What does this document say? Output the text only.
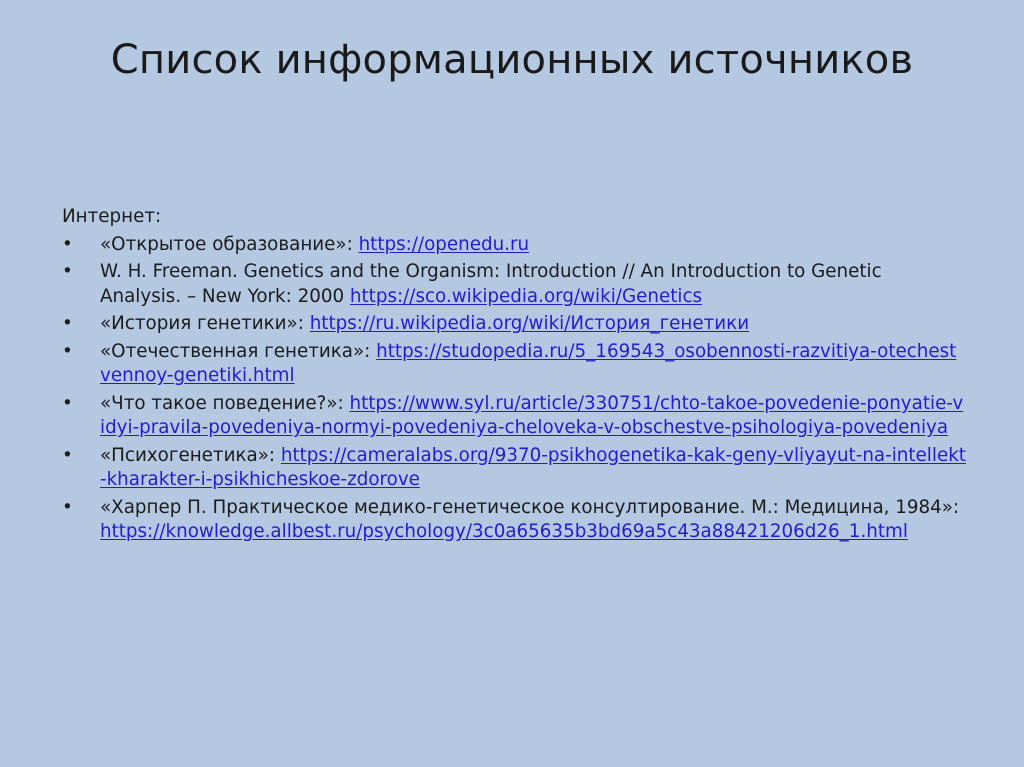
Список информационных источников
Интернет:
•	«Открытое образование»: https://openedu.ru
•	W. H. Freeman. Genetics and the Organism: Introduction // An Introduction to Genetic Analysis. – New York: 2000 https://sco.wikipedia.org/wiki/Genetics
•	«История генетики»: https://ru.wikipedia.org/wiki/История_генетики
•	«Отечественная генетика»: https://studopedia.ru/5_169543_osobennosti-razvitiya-otechestvennoy-genetiki.html
•	«Что такое поведение?»: https://www.syl.ru/article/330751/chto-takoe-povedenie-ponyatie-vidyi-pravila-povedeniya-normyi-povedeniya-cheloveka-v-obschestve-psihologiya-povedeniya
•	«Психогенетика»: https://cameralabs.org/9370-psikhogenetika-kak-geny-vliyayut-na-intellekt-kharakter-i-psikhicheskoe-zdorove
•	«Харпер П. Практическое медико-генетическое консултирование. М.: Медицина, 1984»: https://knowledge.allbest.ru/psychology/3c0a65635b3bd69a5c43a88421206d26_1.html
